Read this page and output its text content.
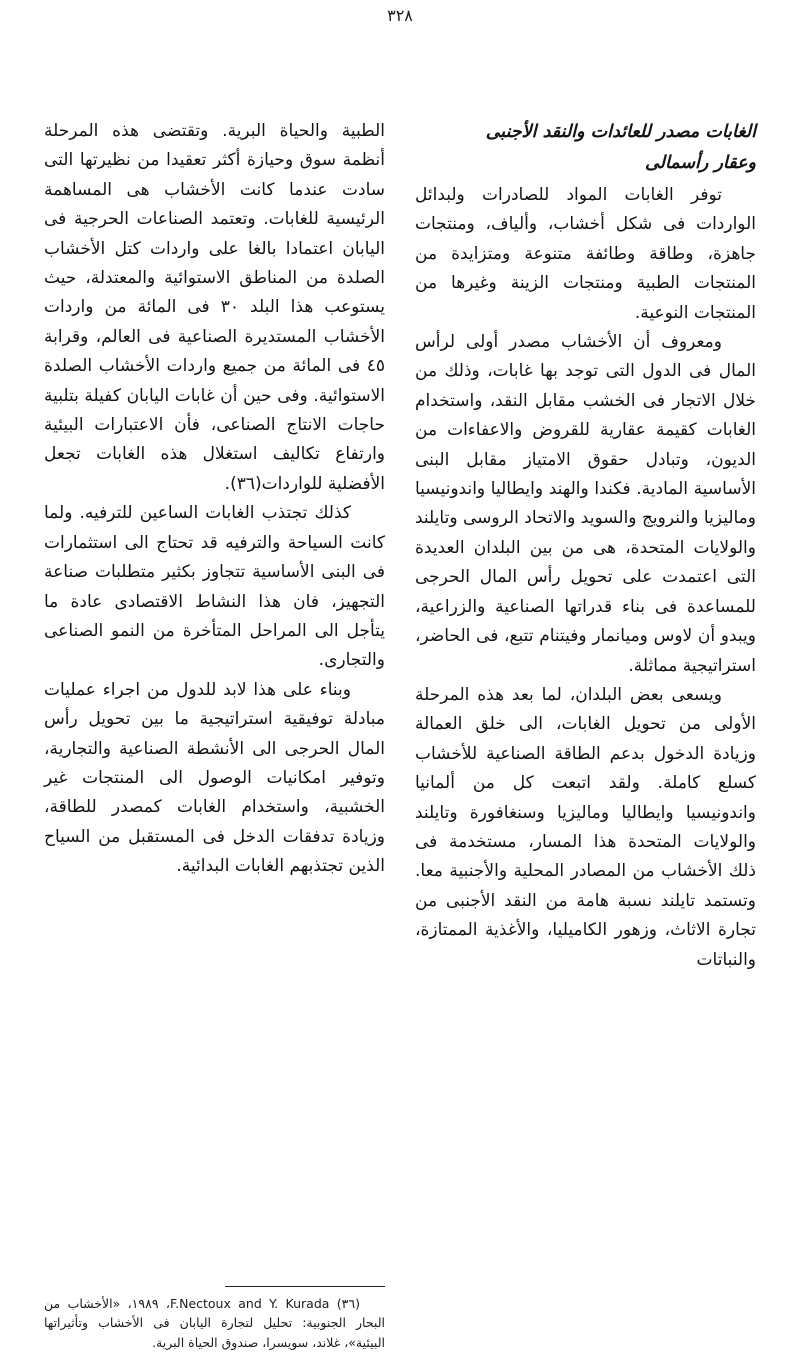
٣٢٨
الغابات مصدر للعائدات والنقد الأجنبى
وعقار رأسمالى

توفر الغابات المواد للصادرات ولبدائل الواردات فى شكل أخشاب، وألياف، ومنتجات جاهزة، وطاقة وطائفة متنوعة ومتزايدة من المنتجات الطبية ومنتجات الزينة وغيرها من المنتجات النوعية.

ومعروف أن الأخشاب مصدر أولى لرأس المال فى الدول التى توجد بها غابات، وذلك من خلال الاتجار فى الخشب مقابل النقد، واستخدام الغابات كقيمة عقارية للقروض والاعفاءات من الديون، وتبادل حقوق الامتياز مقابل البنى الأساسية المادية. فكندا والهند وايطاليا واندونيسيا وماليزيا والنرويج والسويد والاتحاد الروسى وتايلند والولايات المتحدة، هى من بين البلدان العديدة التى اعتمدت على تحويل رأس المال الحرجى للمساعدة فى بناء قدراتها الصناعية والزراعية، ويبدو أن لاوس وميانمار وفيتنام تتبع، فى الحاضر، استراتيجية مماثلة.

ويسعى بعض البلدان، لما بعد هذه المرحلة الأولى من تحويل الغابات، الى خلق العمالة وزيادة الدخول بدعم الطاقة الصناعية للأخشاب كسلع كاملة. ولقد اتبعت كل من ألمانيا واندونيسيا وايطاليا وماليزيا وسنغافورة وتايلند والولايات المتحدة هذا المسار، مستخدمة فى ذلك الأخشاب من المصادر المحلية والأجنبية معا. وتستمد تايلند نسبة هامة من النقد الأجنبى من تجارة الاثاث، وزهور الكاميليا، والأغذية الممتازة، والنباتات

الطبية والحياة البرية. وتقتضى هذه المرحلة أنظمة سوق وحيازة أكثر تعقيدا من نظيرتها التى سادت عندما كانت الأخشاب هى المساهمة الرئيسية للغابات. وتعتمد الصناعات الحرجية فى اليابان اعتمادا بالغا على واردات كتل الأخشاب الصلدة من المناطق الاستوائية والمعتدلة، حيث يستوعب هذا البلد ٣٠ فى المائة من واردات الأخشاب المستديرة الصناعية فى العالم، وقرابة ٤٥ فى المائة من جميع واردات الأخشاب الصلدة الاستوائية. وفى حين أن غابات اليابان كفيلة بتلبية حاجات الانتاج الصناعى، فأن الاعتبارات البيئية وارتفاع تكاليف استغلال هذه الغابات تجعل الأفضلية للواردات(٣٦).

كذلك تجتذب الغابات الساعين للترفيه. ولما كانت السياحة والترفيه قد تحتاج الى استثمارات فى البنى الأساسية تتجاوز بكثير متطلبات صناعة التجهيز، فان هذا النشاط الاقتصادى عادة ما يتأجل الى المراحل المتأخرة من النمو الصناعى والتجارى.

وبناء على هذا لابد للدول من اجراء عمليات مبادلة توفيقية استراتيجية ما بين تحويل رأس المال الحرجى الى الأنشطة الصناعية والتجارية، وتوفير امكانيات الوصول الى المنتجات غير الخشبية، واستخدام الغابات كمصدر للطاقة، وزيادة تدفقات الدخل فى المستقبل من السياح الذين تجتذبهم الغابات البدائية.

(٣٦) F.Nectoux and Y. Kurada، ١٩٨٩، «الأخشاب من البحار الجنوبية: تحليل لتجارة اليابان فى الأخشاب وتأثيراتها البيئية»، غلاند، سويسرا، صندوق الحياة البرية.
